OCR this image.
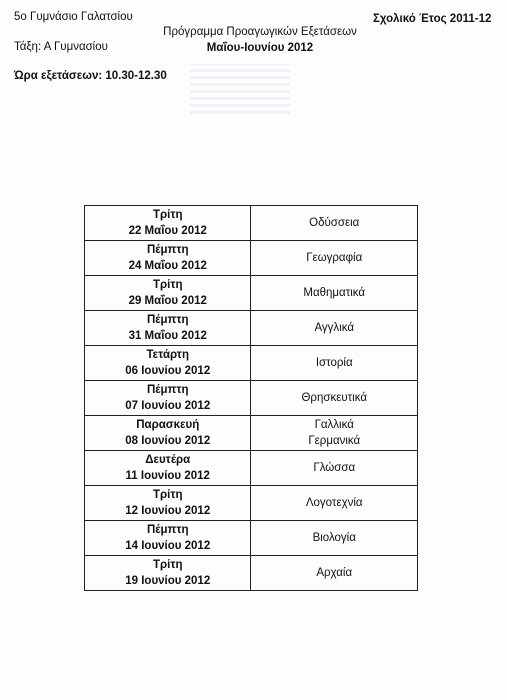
5ο Γυμνάσιο Γαλατσίου	Σχολικό Έτος 2011-12
Πρόγραμμα Προαγωγικών Εξετάσεων
Μαΐου-Ιουνίου 2012
Τάξη: Α Γυμνασίου
Ώρα εξετάσεων: 10.30-12.30
Τρίτη
22 Μαΐου 2012	Οδύσσεια

Πέμπτη
24 Μαΐου 2012	Γεωγραφία

Τρίτη
29 Μαΐου 2012	Μαθηματικά

Πέμπτη
31 Μαΐου 2012	Αγγλικά

Τετάρτη
06 Ιουνίου 2012	Ιστορία

Πέμπτη
07 Ιουνίου 2012	Θρησκευτικά

Παρασκευή
08 Ιουνίου 2012	Γαλλικά
Γερμανικά

Δευτέρα
11 Ιουνίου 2012	Γλώσσα

Τρίτη
12 Ιουνίου 2012	Λογοτεχνία

Πέμπτη
14 Ιουνίου 2012	Βιολογία

Τρίτη
19 Ιουνίου 2012	Αρχαία
